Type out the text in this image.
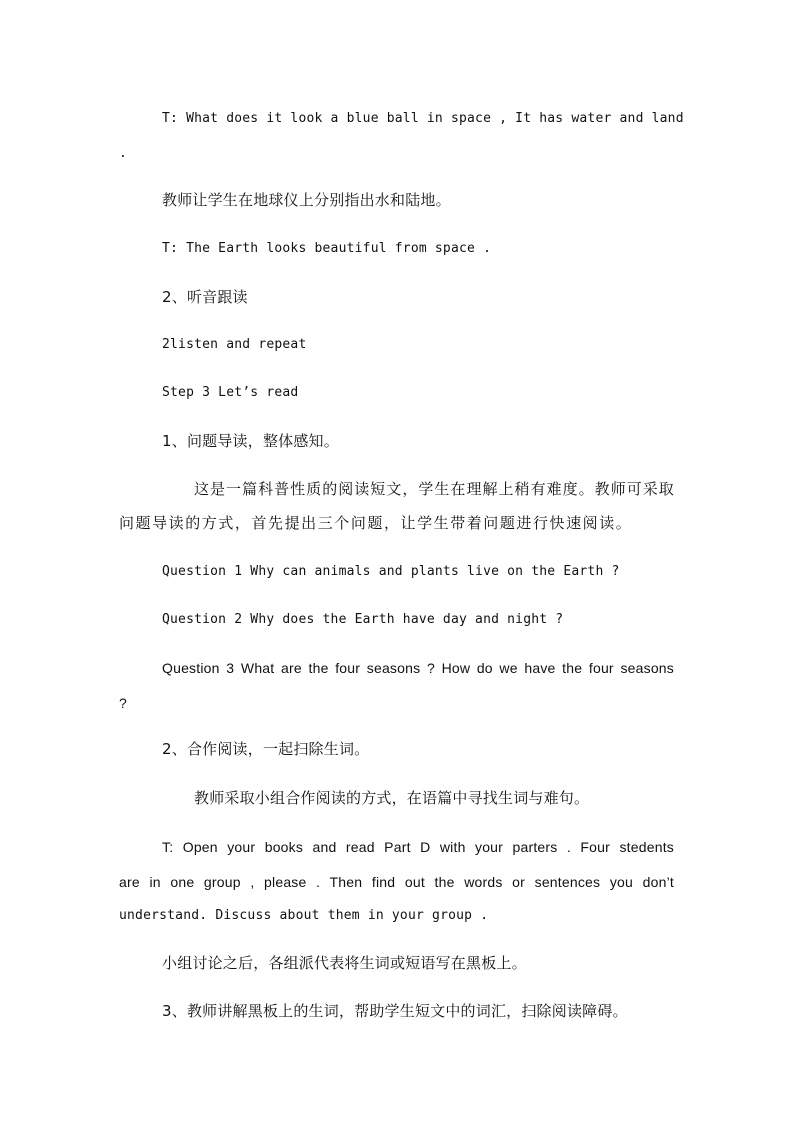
T: What does it look a blue ball in space , It has water and land
.
教师让学生在地球仪上分别指出水和陆地。
T: The Earth looks beautiful from space .
2、听音跟读
2listen and repeat
Step 3 Let’s read
1、问题导读，整体感知。
这是一篇科普性质的阅读短文，学生在理解上稍有难度。教师可采取
问题导读的方式，首先提出三个问题，让学生带着问题进行快速阅读。
Question 1 Why can animals and plants live on the Earth ?
Question 2 Why does the Earth have day and night ?
Question 3 What are the four seasons ? How do we have the four seasons
?
2、合作阅读，一起扫除生词。
教师采取小组合作阅读的方式，在语篇中寻找生词与难句。
T: Open your books and read Part D with your parters . Four stedents
are in one group , please . Then find out the words or sentences you don’t
understand. Discuss about them in your group .
小组讨论之后，各组派代表将生词或短语写在黑板上。
3、教师讲解黑板上的生词，帮助学生短文中的词汇，扫除阅读障碍。
